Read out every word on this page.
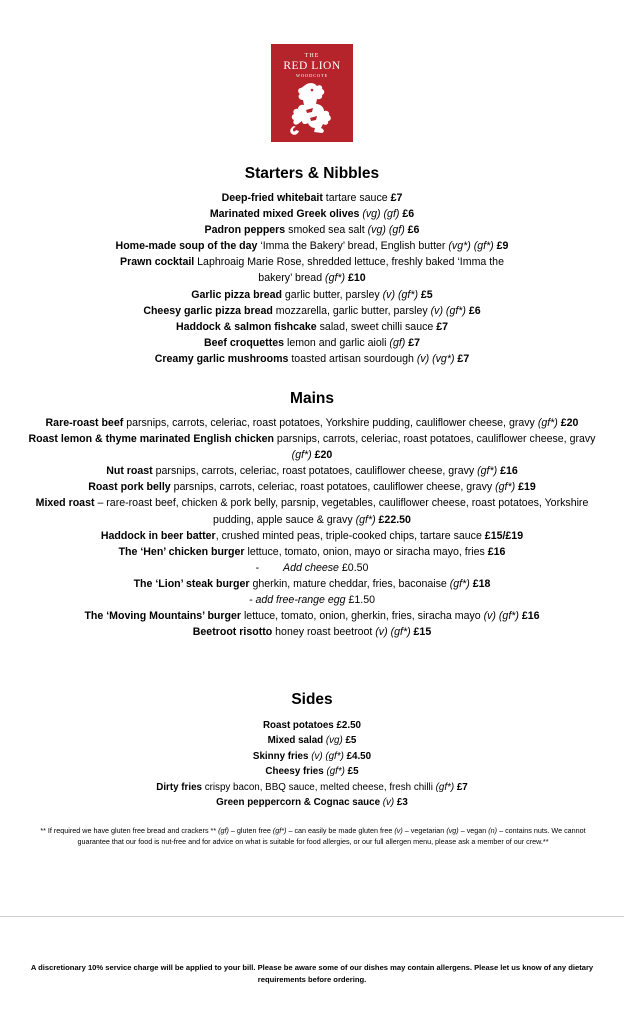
THE
RED LION
WOODCOTE
Starters & Nibbles
Deep-fried whitebait tartare sauce £7
Marinated mixed Greek olives (vg) (gf) £6
Padron peppers smoked sea salt (vg) (gf) £6
Home-made soup of the day ‘Imma the Bakery’ bread, English butter (vg*) (gf*) £9
Prawn cocktail Laphroaig Marie Rose, shredded lettuce, freshly baked ‘Imma the bakery’ bread (gf*) £10
Garlic pizza bread garlic butter, parsley (v) (gf*) £5
Cheesy garlic pizza bread mozzarella, garlic butter, parsley (v) (gf*) £6
Haddock & salmon fishcake salad, sweet chilli sauce £7
Beef croquettes lemon and garlic aioli (gf) £7
Creamy garlic mushrooms toasted artisan sourdough (v) (vg*) £7
Mains
Rare-roast beef parsnips, carrots, celeriac, roast potatoes, Yorkshire pudding, cauliflower cheese, gravy (gf*) £20
Roast lemon & thyme marinated English chicken parsnips, carrots, celeriac, roast potatoes, cauliflower cheese, gravy (gf*) £20
Nut roast parsnips, carrots, celeriac, roast potatoes, cauliflower cheese, gravy (gf*) £16
Roast pork belly parsnips, carrots, celeriac, roast potatoes, cauliflower cheese, gravy (gf*) £19
Mixed roast – rare-roast beef, chicken & pork belly, parsnip, vegetables, cauliflower cheese, roast potatoes, Yorkshire pudding, apple sauce & gravy (gf*) £22.50
Haddock in beer batter, crushed minted peas, triple-cooked chips, tartare sauce £15/£19
The ‘Hen’ chicken burger lettuce, tomato, onion, mayo or siracha mayo, fries £16
- Add cheese £0.50
The ‘Lion’ steak burger gherkin, mature cheddar, fries, baconaise (gf*) £18
- add free-range egg £1.50
The ‘Moving Mountains’ burger lettuce, tomato, onion, gherkin, fries, siracha mayo (v) (gf*) £16
Beetroot risotto honey roast beetroot (v) (gf*) £15
Sides
Roast potatoes £2.50
Mixed salad (vg) £5
Skinny fries (v) (gf*) £4.50
Cheesy fries (gf*) £5
Dirty fries crispy bacon, BBQ sauce, melted cheese, fresh chilli (gf*) £7
Green peppercorn & Cognac sauce (v) £3
** If required we have gluten free bread and crackers ** (gf) – gluten free (gf*) – can easily be made gluten free (v) – vegetarian (vg) – vegan (n) – contains nuts. We cannot guarantee that our food is nut-free and for advice on what is suitable for food allergies, or our full allergen menu, please ask a member of our crew.**
A discretionary 10% service charge will be applied to your bill. Please be aware some of our dishes may contain allergens. Please let us know of any dietary requirements before ordering.
